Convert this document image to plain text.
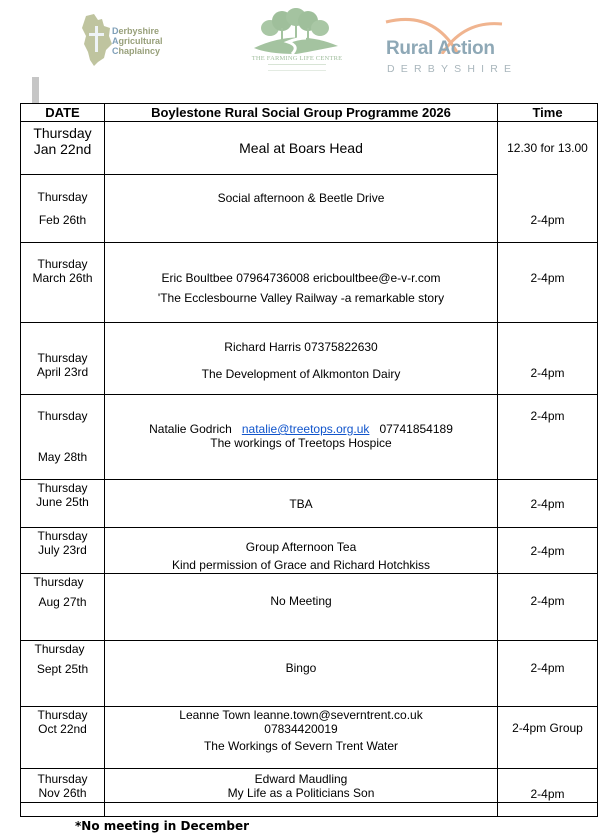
Derbyshire
Agricultural
Chaplaincy
THE FARMING LIFE CENTRE	Rural Action
DERBYSHIRE
DATE	Boylestone Rural Social Group Programme 2026	Time

Thursday
Jan 22nd	Meal at Boars Head	12.30 for 13.00

Thursday
Feb 26th	Social afternoon & Beetle Drive	2-4pm

Thursday
March 26th	Eric Boultbee 07964736008 ericboultbee@e-v-r.com
'The Ecclesbourne Valley Railway -a remarkable story	2-4pm

Thursday
April 23rd	Richard Harris 07375822630
The Development of Alkmonton Dairy	2-4pm

Thursday
May 28th	Natalie Godrich natalie@treetops.org.uk 07741854189
The workings of Treetops Hospice	2-4pm

Thursday
June 25th	TBA	2-4pm

Thursday
July 23rd	Group Afternoon Tea
Kind permission of Grace and Richard Hotchkiss	2-4pm

Thursday
Aug 27th	No Meeting	2-4pm

Thursday
Sept 25th	Bingo	2-4pm

Thursday
Oct 22nd	Leanne Town leanne.town@severntrent.co.uk
07834420019
The Workings of Severn Trent Water	2-4pm Group

Thursday
Nov 26th	Edward Maudling
My Life as a Politicians Son	2-4pm

*No meeting in December
